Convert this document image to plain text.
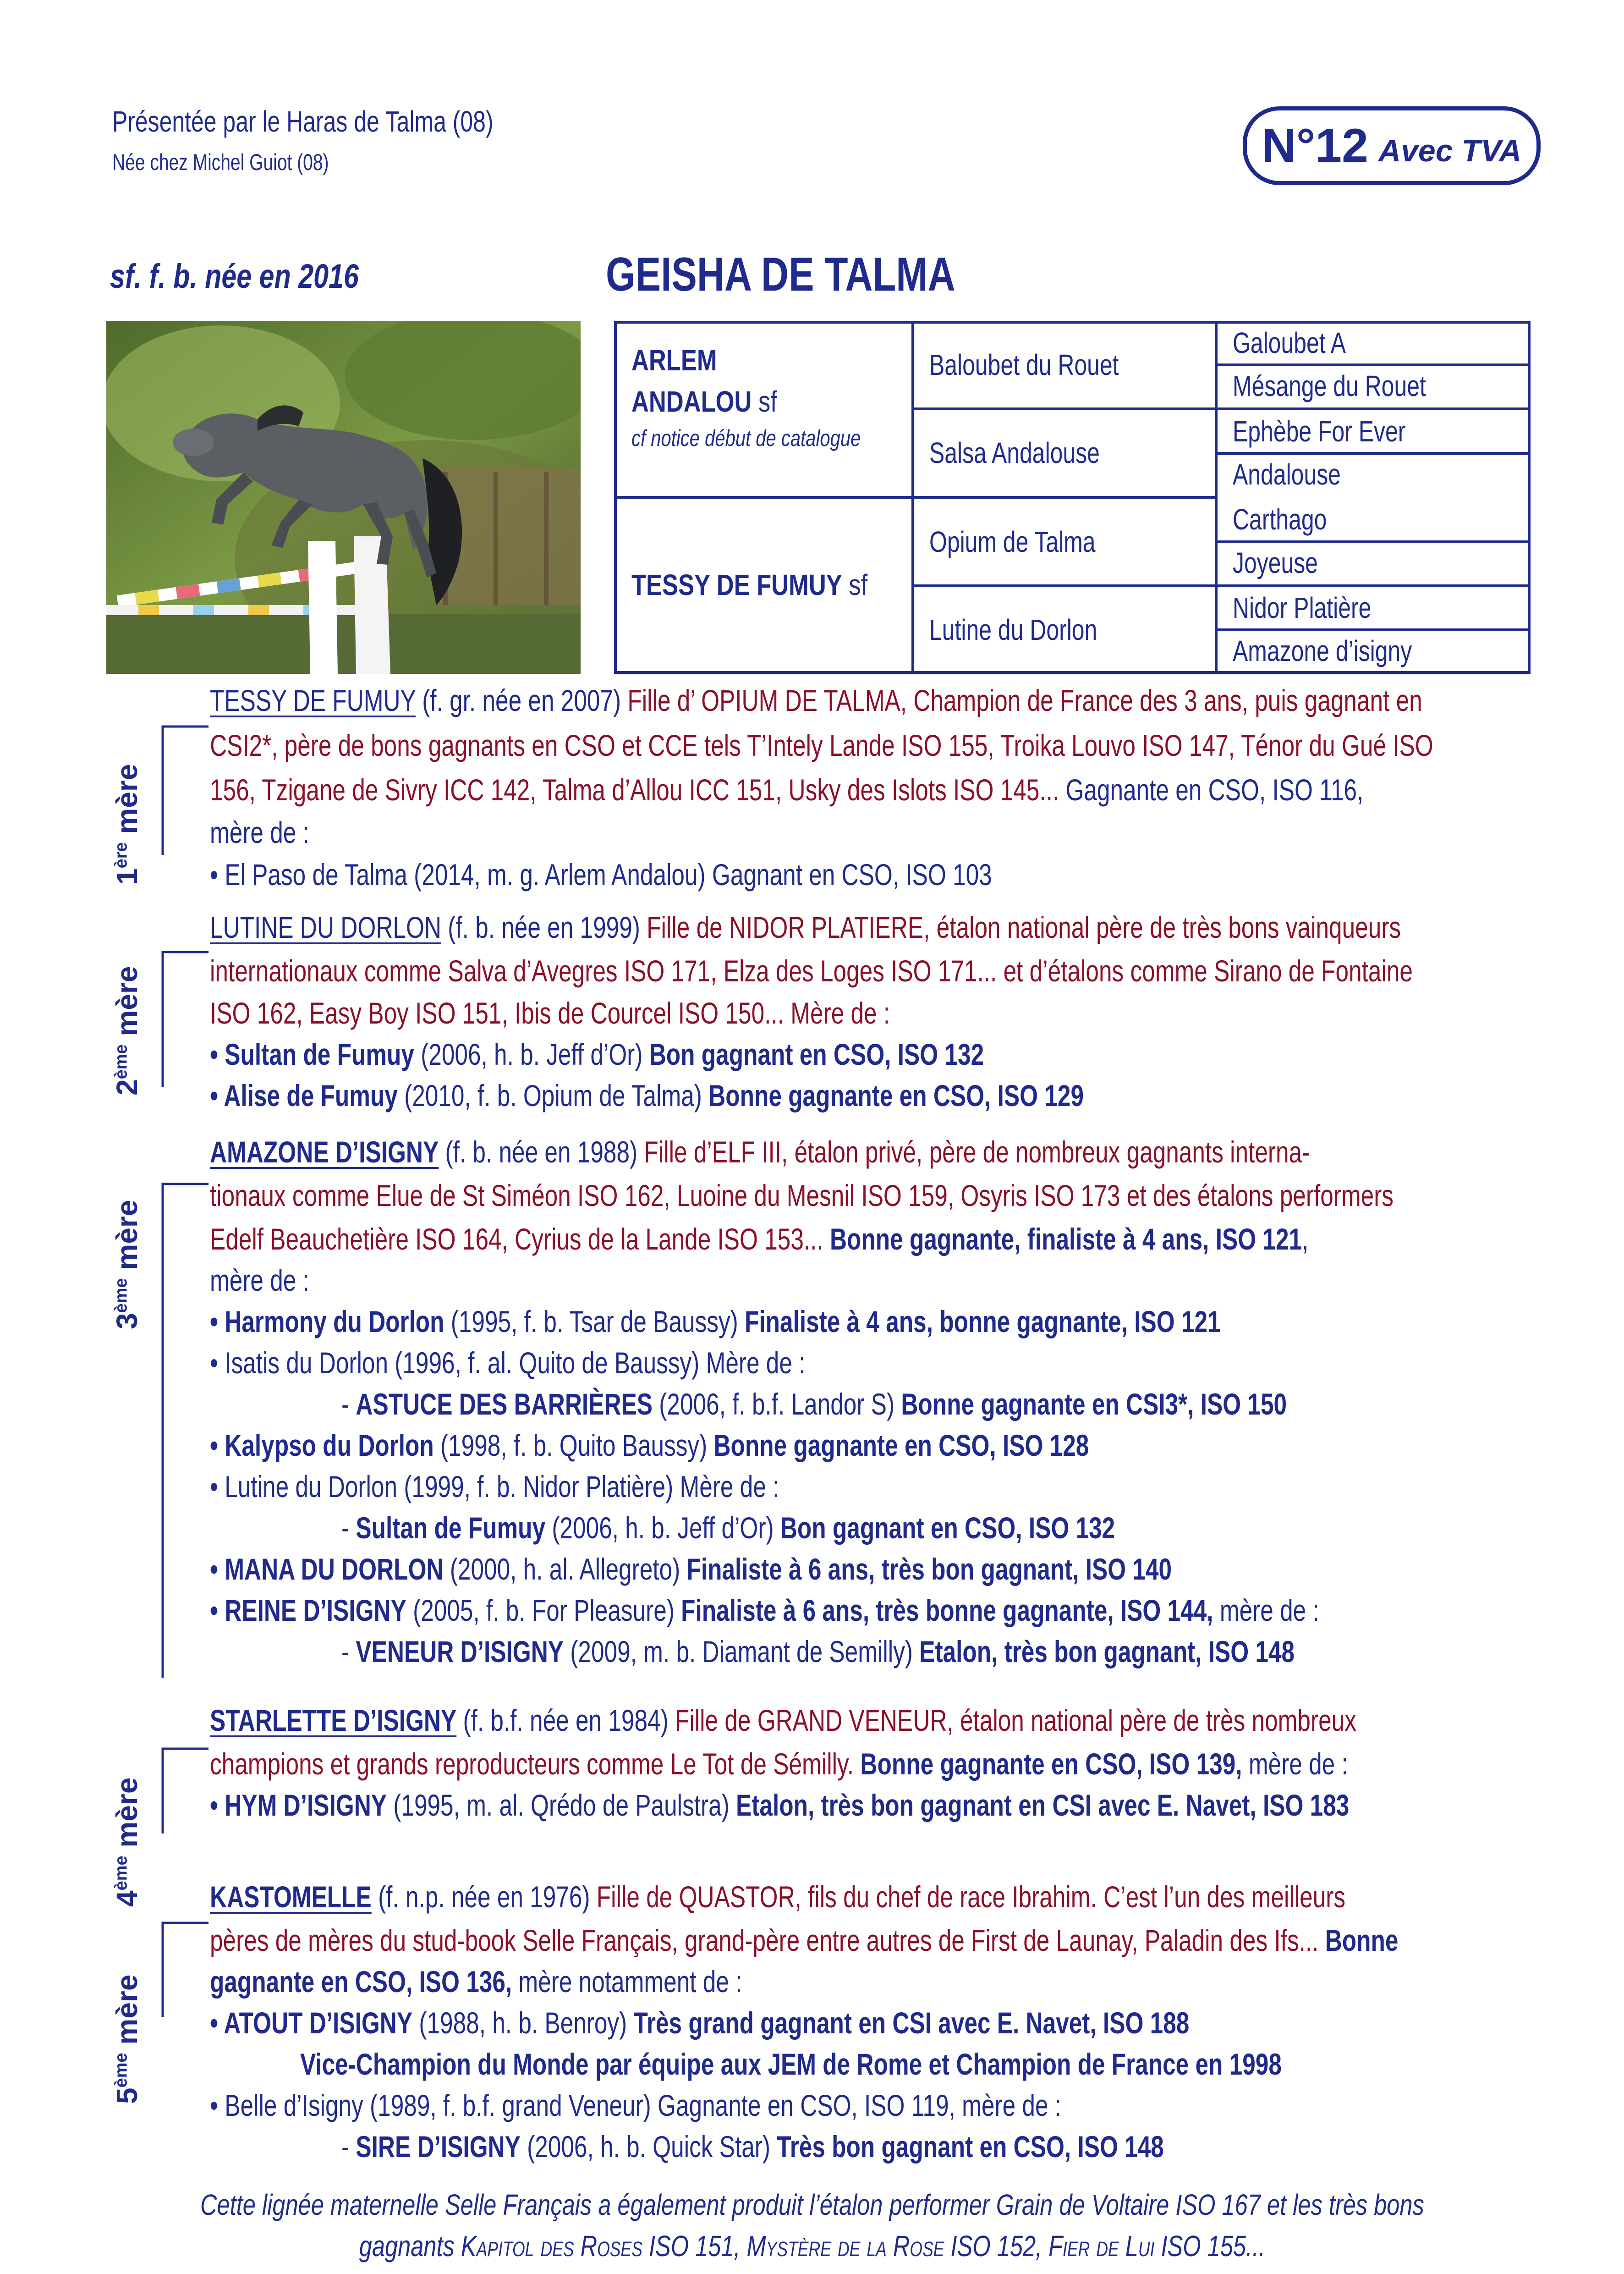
Présentée par le Haras de Talma (08)
Née chez Michel Guiot (08)	N°12 Avec TVA
sf. f. b. née en 2016	GEISHA DE TALMA
ARLEM
ANDALOU sf
cf notice début de catalogue
TESSY DE FUMUY sf
Baloubet du Rouet
Salsa Andalouse
Opium de Talma
Lutine du Dorlon
Galoubet A
Mésange du Rouet
Ephèbe For Ever
Andalouse
Carthago
Joyeuse
Nidor Platière
Amazone d’isigny
1ère mère
2ème mère
3ème mère
4ème mère
5ème mère
TESSY DE FUMUY (f. gr. née en 2007) Fille d’ OPIUM DE TALMA, Champion de France des 3 ans, puis gagnant en
CSI2*, père de bons gagnants en CSO et CCE tels T’Intely Lande ISO 155, Troika Louvo ISO 147, Ténor du Gué ISO
156, Tzigane de Sivry ICC 142, Talma d’Allou ICC 151, Usky des Islots ISO 145... Gagnante en CSO, ISO 116,
mère de :
• El Paso de Talma (2014, m. g. Arlem Andalou) Gagnant en CSO, ISO 103
LUTINE DU DORLON (f. b. née en 1999) Fille de NIDOR PLATIERE, étalon national père de très bons vainqueurs
internationaux comme Salva d’Avegres ISO 171, Elza des Loges ISO 171... et d’étalons comme Sirano de Fontaine
ISO 162, Easy Boy ISO 151, Ibis de Courcel ISO 150... Mère de :
• Sultan de Fumuy (2006, h. b. Jeff d’Or) Bon gagnant en CSO, ISO 132
• Alise de Fumuy (2010, f. b. Opium de Talma) Bonne gagnante en CSO, ISO 129
AMAZONE D’ISIGNY (f. b. née en 1988) Fille d’ELF III, étalon privé, père de nombreux gagnants interna-
tionaux comme Elue de St Siméon ISO 162, Luoine du Mesnil ISO 159, Osyris ISO 173 et des étalons performers
Edelf Beauchetière ISO 164, Cyrius de la Lande ISO 153... Bonne gagnante, finaliste à 4 ans, ISO 121,
mère de :
• Harmony du Dorlon (1995, f. b. Tsar de Baussy) Finaliste à 4 ans, bonne gagnante, ISO 121
• Isatis du Dorlon (1996, f. al. Quito de Baussy) Mère de :
- ASTUCE DES BARRIÈRES (2006, f. b.f. Landor S) Bonne gagnante en CSI3*, ISO 150
• Kalypso du Dorlon (1998, f. b. Quito Baussy) Bonne gagnante en CSO, ISO 128
• Lutine du Dorlon (1999, f. b. Nidor Platière) Mère de :
- Sultan de Fumuy (2006, h. b. Jeff d’Or) Bon gagnant en CSO, ISO 132
• MANA DU DORLON (2000, h. al. Allegreto) Finaliste à 6 ans, très bon gagnant, ISO 140
• REINE D’ISIGNY (2005, f. b. For Pleasure) Finaliste à 6 ans, très bonne gagnante, ISO 144, mère de :
- VENEUR D’ISIGNY (2009, m. b. Diamant de Semilly) Etalon, très bon gagnant, ISO 148
STARLETTE D’ISIGNY (f. b.f. née en 1984) Fille de GRAND VENEUR, étalon national père de très nombreux
champions et grands reproducteurs comme Le Tot de Sémilly. Bonne gagnante en CSO, ISO 139, mère de :
• HYM D’ISIGNY (1995, m. al. Qrédo de Paulstra) Etalon, très bon gagnant en CSI avec E. Navet, ISO 183
KASTOMELLE (f. n.p. née en 1976) Fille de QUASTOR, fils du chef de race Ibrahim. C’est l’un des meilleurs
pères de mères du stud-book Selle Français, grand-père entre autres de First de Launay, Paladin des Ifs... Bonne
gagnante en CSO, ISO 136, mère notamment de :
• ATOUT D’ISIGNY (1988, h. b. Benroy) Très grand gagnant en CSI avec E. Navet, ISO 188
Vice-Champion du Monde par équipe aux JEM de Rome et Champion de France en 1998
• Belle d’Isigny (1989, f. b.f. grand Veneur) Gagnante en CSO, ISO 119, mère de :
- SIRE D’ISIGNY (2006, h. b. Quick Star) Très bon gagnant en CSO, ISO 148
Cette lignée maternelle Selle Français a également produit l’étalon performer Grain de Voltaire ISO 167 et les très bons
gagnants Kapitol des Roses ISO 151, Mystère de la Rose ISO 152, Fier de Lui ISO 155...
